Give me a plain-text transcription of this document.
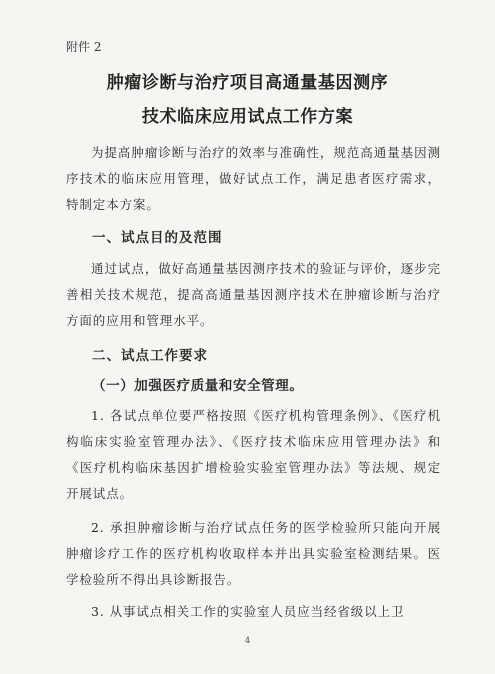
附件 2
肿瘤诊断与治疗项目高通量基因测序
技术临床应用试点工作方案
为提高肿瘤诊断与治疗的效率与准确性，规范高通量基因测序技术的临床应用管理，做好试点工作，满足患者医疗需求，特制定本方案。
一、试点目的及范围
通过试点，做好高通量基因测序技术的验证与评价，逐步完善相关技术规范，提高高通量基因测序技术在肿瘤诊断与治疗方面的应用和管理水平。
二、试点工作要求
（一）加强医疗质量和安全管理。
1. 各试点单位要严格按照《医疗机构管理条例》、《医疗机构临床实验室管理办法》、《医疗技术临床应用管理办法》和《医疗机构临床基因扩增检验实验室管理办法》等法规、规定开展试点。
2. 承担肿瘤诊断与治疗试点任务的医学检验所只能向开展肿瘤诊疗工作的医疗机构收取样本并出具实验室检测结果。医学检验所不得出具诊断报告。
3. 从事试点相关工作的实验室人员应当经省级以上卫
4
